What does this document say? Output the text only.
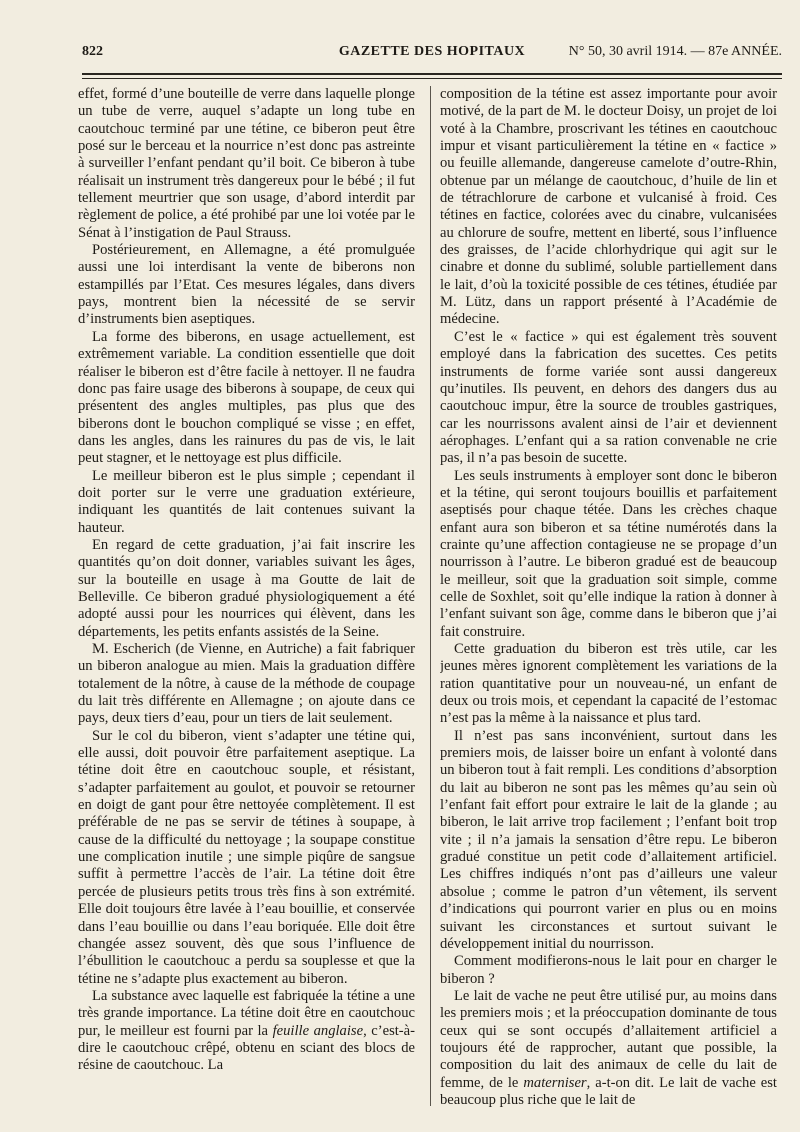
822	GAZETTE DES HOPITAUX	N° 50, 30 avril 1914. — 87e ANNÉE.

effet, formé d’une bouteille de verre dans laquelle plonge un tube de verre, auquel s’adapte un long tube en caoutchouc terminé par une tétine, ce biberon peut être posé sur le berceau et la nourrice n’est donc pas astreinte à surveiller l’enfant pendant qu’il boit. Ce biberon à tube réalisait un instrument très dangereux pour le bébé ; il fut tellement meurtrier que son usage, d’abord interdit par règlement de police, a été prohibé par une loi votée par le Sénat à l’instigation de Paul Strauss.

Postérieurement, en Allemagne, a été promulguée aussi une loi interdisant la vente de biberons non estampillés par l’Etat. Ces mesures légales, dans divers pays, montrent bien la nécessité de se servir d’instruments bien aseptiques.

La forme des biberons, en usage actuellement, est extrêmement variable. La condition essentielle que doit réaliser le biberon est d’être facile à nettoyer. Il ne faudra donc pas faire usage des biberons à soupape, de ceux qui présentent des angles multiples, pas plus que des biberons dont le bouchon compliqué se visse ; en effet, dans les angles, dans les rainures du pas de vis, le lait peut stagner, et le nettoyage est plus difficile.

Le meilleur biberon est le plus simple ; cependant il doit porter sur le verre une graduation extérieure, indiquant les quantités de lait contenues suivant la hauteur.

En regard de cette graduation, j’ai fait inscrire les quantités qu’on doit donner, variables suivant les âges, sur la bouteille en usage à ma Goutte de lait de Belleville. Ce biberon gradué physiologiquement a été adopté aussi pour les nourrices qui élèvent, dans les départements, les petits enfants assistés de la Seine.

M. Escherich (de Vienne, en Autriche) a fait fabriquer un biberon analogue au mien. Mais la graduation diffère totalement de la nôtre, à cause de la méthode de coupage du lait très différente en Allemagne ; on ajoute dans ce pays, deux tiers d’eau, pour un tiers de lait seulement.

Sur le col du biberon, vient s’adapter une tétine qui, elle aussi, doit pouvoir être parfaitement aseptique. La tétine doit être en caoutchouc souple, et résistant, s’adapter parfaitement au goulot, et pouvoir se retourner en doigt de gant pour être nettoyée complètement. Il est préférable de ne pas se servir de tétines à soupape, à cause de la difficulté du nettoyage ; la soupape constitue une complication inutile ; une simple piqûre de sangsue suffit à permettre l’accès de l’air. La tétine doit être percée de plusieurs petits trous très fins à son extrémité. Elle doit toujours être lavée à l’eau bouillie, et conservée dans l’eau bouillie ou dans l’eau boriquée. Elle doit être changée assez souvent, dès que sous l’influence de l’ébullition le caoutchouc a perdu sa souplesse et que la tétine ne s’adapte plus exactement au biberon.

La substance avec laquelle est fabriquée la tétine a une très grande importance. La tétine doit être en caoutchouc pur, le meilleur est fourni par la feuille anglaise, c’est-à-dire le caoutchouc crêpé, obtenu en sciant des blocs de résine de caoutchouc. La

composition de la tétine est assez importante pour avoir motivé, de la part de M. le docteur Doisy, un projet de loi voté à la Chambre, proscrivant les tétines en caoutchouc impur et visant particulièrement la tétine en « factice » ou feuille allemande, dangereuse camelote d’outre-Rhin, obtenue par un mélange de caoutchouc, d’huile de lin et de tétrachlorure de carbone et vulcanisé à froid. Ces tétines en factice, colorées avec du cinabre, vulcanisées au chlorure de soufre, mettent en liberté, sous l’influence des graisses, de l’acide chlorhydrique qui agit sur le cinabre et donne du sublimé, soluble partiellement dans le lait, d’où la toxicité possible de ces tétines, étudiée par M. Lütz, dans un rapport présenté à l’Académie de médecine.

C’est le « factice » qui est également très souvent employé dans la fabrication des sucettes. Ces petits instruments de forme variée sont aussi dangereux qu’inutiles. Ils peuvent, en dehors des dangers dus au caoutchouc impur, être la source de troubles gastriques, car les nourrissons avalent ainsi de l’air et deviennent aérophages. L’enfant qui a sa ration convenable ne crie pas, il n’a pas besoin de sucette.

Les seuls instruments à employer sont donc le biberon et la tétine, qui seront toujours bouillis et parfaitement aseptisés pour chaque tétée. Dans les crèches chaque enfant aura son biberon et sa tétine numérotés dans la crainte qu’une affection contagieuse ne se propage d’un nourrisson à l’autre. Le biberon gradué est de beaucoup le meilleur, soit que la graduation soit simple, comme celle de Soxhlet, soit qu’elle indique la ration à donner à l’enfant suivant son âge, comme dans le biberon que j’ai fait construire.

Cette graduation du biberon est très utile, car les jeunes mères ignorent complètement les variations de la ration quantitative pour un nouveau-né, un enfant de deux ou trois mois, et cependant la capacité de l’estomac n’est pas la même à la naissance et plus tard.

Il n’est pas sans inconvénient, surtout dans les premiers mois, de laisser boire un enfant à volonté dans un biberon tout à fait rempli. Les conditions d’absorption du lait au biberon ne sont pas les mêmes qu’au sein où l’enfant fait effort pour extraire le lait de la glande ; au biberon, le lait arrive trop facilement ; l’enfant boit trop vite ; il n’a jamais la sensation d’être repu. Le biberon gradué constitue un petit code d’allaitement artificiel. Les chiffres indiqués n’ont pas d’ailleurs une valeur absolue ; comme le patron d’un vêtement, ils servent d’indications qui pourront varier en plus ou en moins suivant les circonstances et surtout suivant le développement initial du nourrisson.

Comment modifierons-nous le lait pour en charger le biberon ?

Le lait de vache ne peut être utilisé pur, au moins dans les premiers mois ; et la préoccupation dominante de tous ceux qui se sont occupés d’allaitement artificiel a toujours été de rapprocher, autant que possible, la composition du lait des animaux de celle du lait de femme, de le materniser, a-t-on dit. Le lait de vache est beaucoup plus riche que le lait de
